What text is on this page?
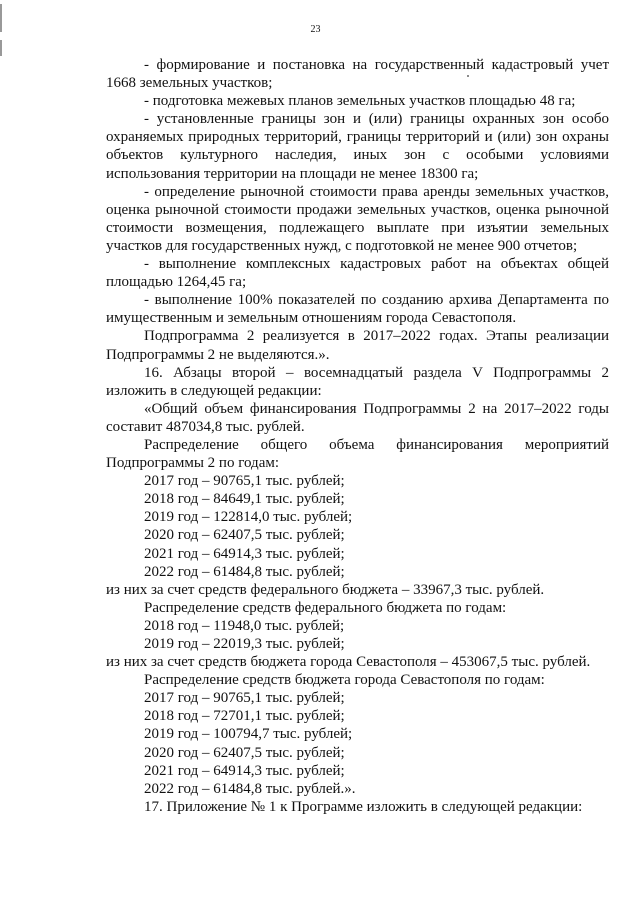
23
- формирование и постановка на государственный кадастровый учет 1668 земельных участков;
- подготовка межевых планов земельных участков площадью 48 га;
- установленные границы зон и (или) границы охранных зон особо охраняемых природных территорий, границы территорий и (или) зон охраны объектов культурного наследия, иных зон с особыми условиями использования территории на площади не менее 18300 га;
- определение рыночной стоимости права аренды земельных участков, оценка рыночной стоимости продажи земельных участков, оценка рыночной стоимости возмещения, подлежащего выплате при изъятии земельных участков для государственных нужд, с подготовкой не менее 900 отчетов;
- выполнение комплексных кадастровых работ на объектах общей площадью 1264,45 га;
- выполнение 100% показателей по созданию архива Департамента по имущественным и земельным отношениям города Севастополя.
Подпрограмма 2 реализуется в 2017–2022 годах. Этапы реализации Подпрограммы 2 не выделяются.».
16. Абзацы второй – восемнадцатый раздела V Подпрограммы 2 изложить в следующей редакции:
«Общий объем финансирования Подпрограммы 2 на 2017–2022 годы составит 487034,8 тыс. рублей.
Распределение общего объема финансирования мероприятий Подпрограммы 2 по годам:
2017 год – 90765,1 тыс. рублей;
2018 год – 84649,1 тыс. рублей;
2019 год – 122814,0 тыс. рублей;
2020 год – 62407,5 тыс. рублей;
2021 год – 64914,3 тыс. рублей;
2022 год – 61484,8 тыс. рублей;
из них за счет средств федерального бюджета – 33967,3 тыс. рублей.
Распределение средств федерального бюджета по годам:
2018 год – 11948,0 тыс. рублей;
2019 год – 22019,3 тыс. рублей;
из них за счет средств бюджета города Севастополя – 453067,5 тыс. рублей.
Распределение средств бюджета города Севастополя по годам:
2017 год – 90765,1 тыс. рублей;
2018 год – 72701,1 тыс. рублей;
2019 год – 100794,7 тыс. рублей;
2020 год – 62407,5 тыс. рублей;
2021 год – 64914,3 тыс. рублей;
2022 год – 61484,8 тыс. рублей.».
17. Приложение № 1 к Программе изложить в следующей редакции:
